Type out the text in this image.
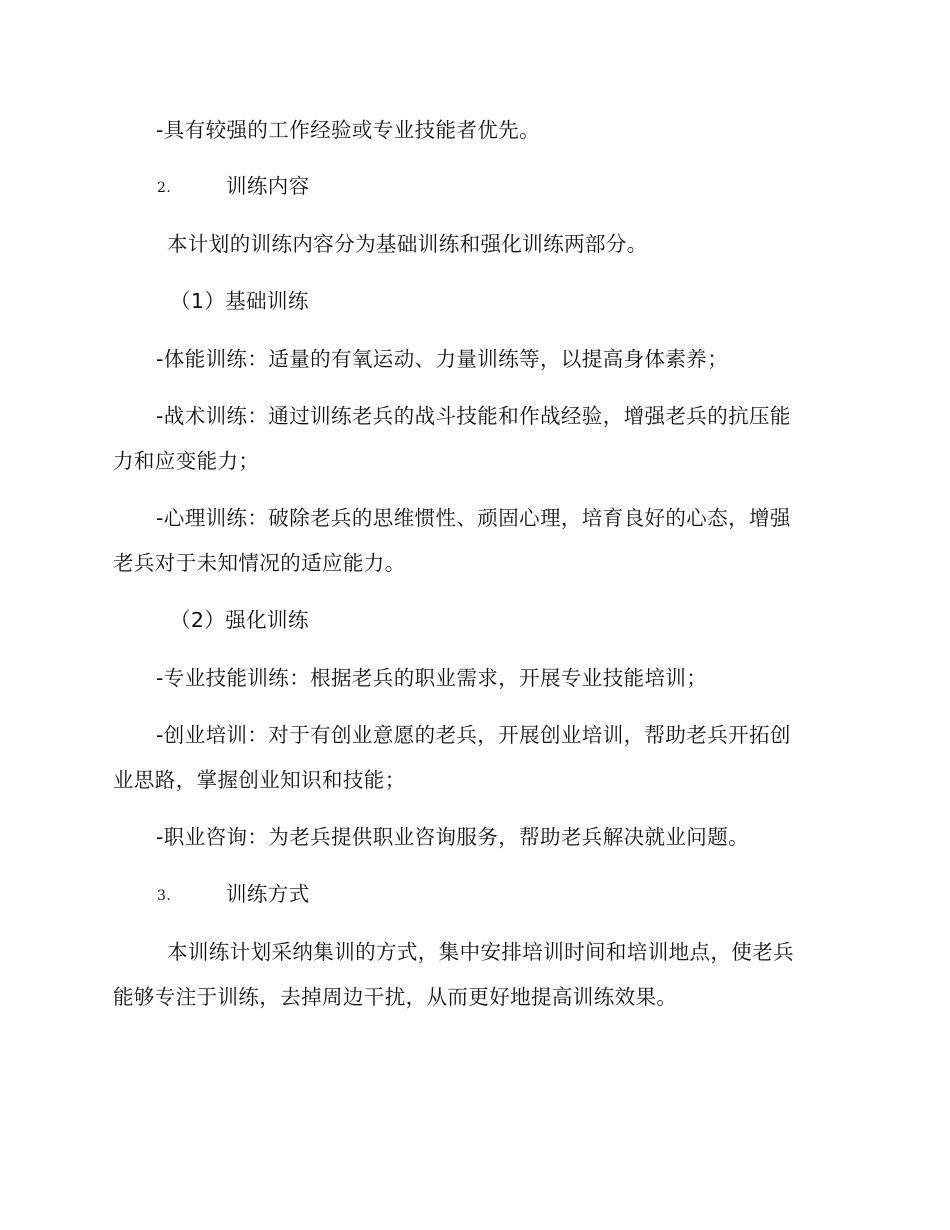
-具有较强的工作经验或专业技能者优先。
2.	训练内容
本计划的训练内容分为基础训练和强化训练两部分。
（1）基础训练
-体能训练：适量的有氧运动、力量训练等，以提高身体素养；
-战术训练：通过训练老兵的战斗技能和作战经验，增强老兵的抗压能
力和应变能力；
-心理训练：破除老兵的思维惯性、顽固心理，培育良好的心态，增强
老兵对于未知情况的适应能力。
（2）强化训练
-专业技能训练：根据老兵的职业需求，开展专业技能培训；
-创业培训：对于有创业意愿的老兵，开展创业培训，帮助老兵开拓创
业思路，掌握创业知识和技能；
-职业咨询：为老兵提供职业咨询服务，帮助老兵解决就业问题。
3.	训练方式
本训练计划采纳集训的方式，集中安排培训时间和培训地点，使老兵
能够专注于训练，去掉周边干扰，从而更好地提高训练效果。
